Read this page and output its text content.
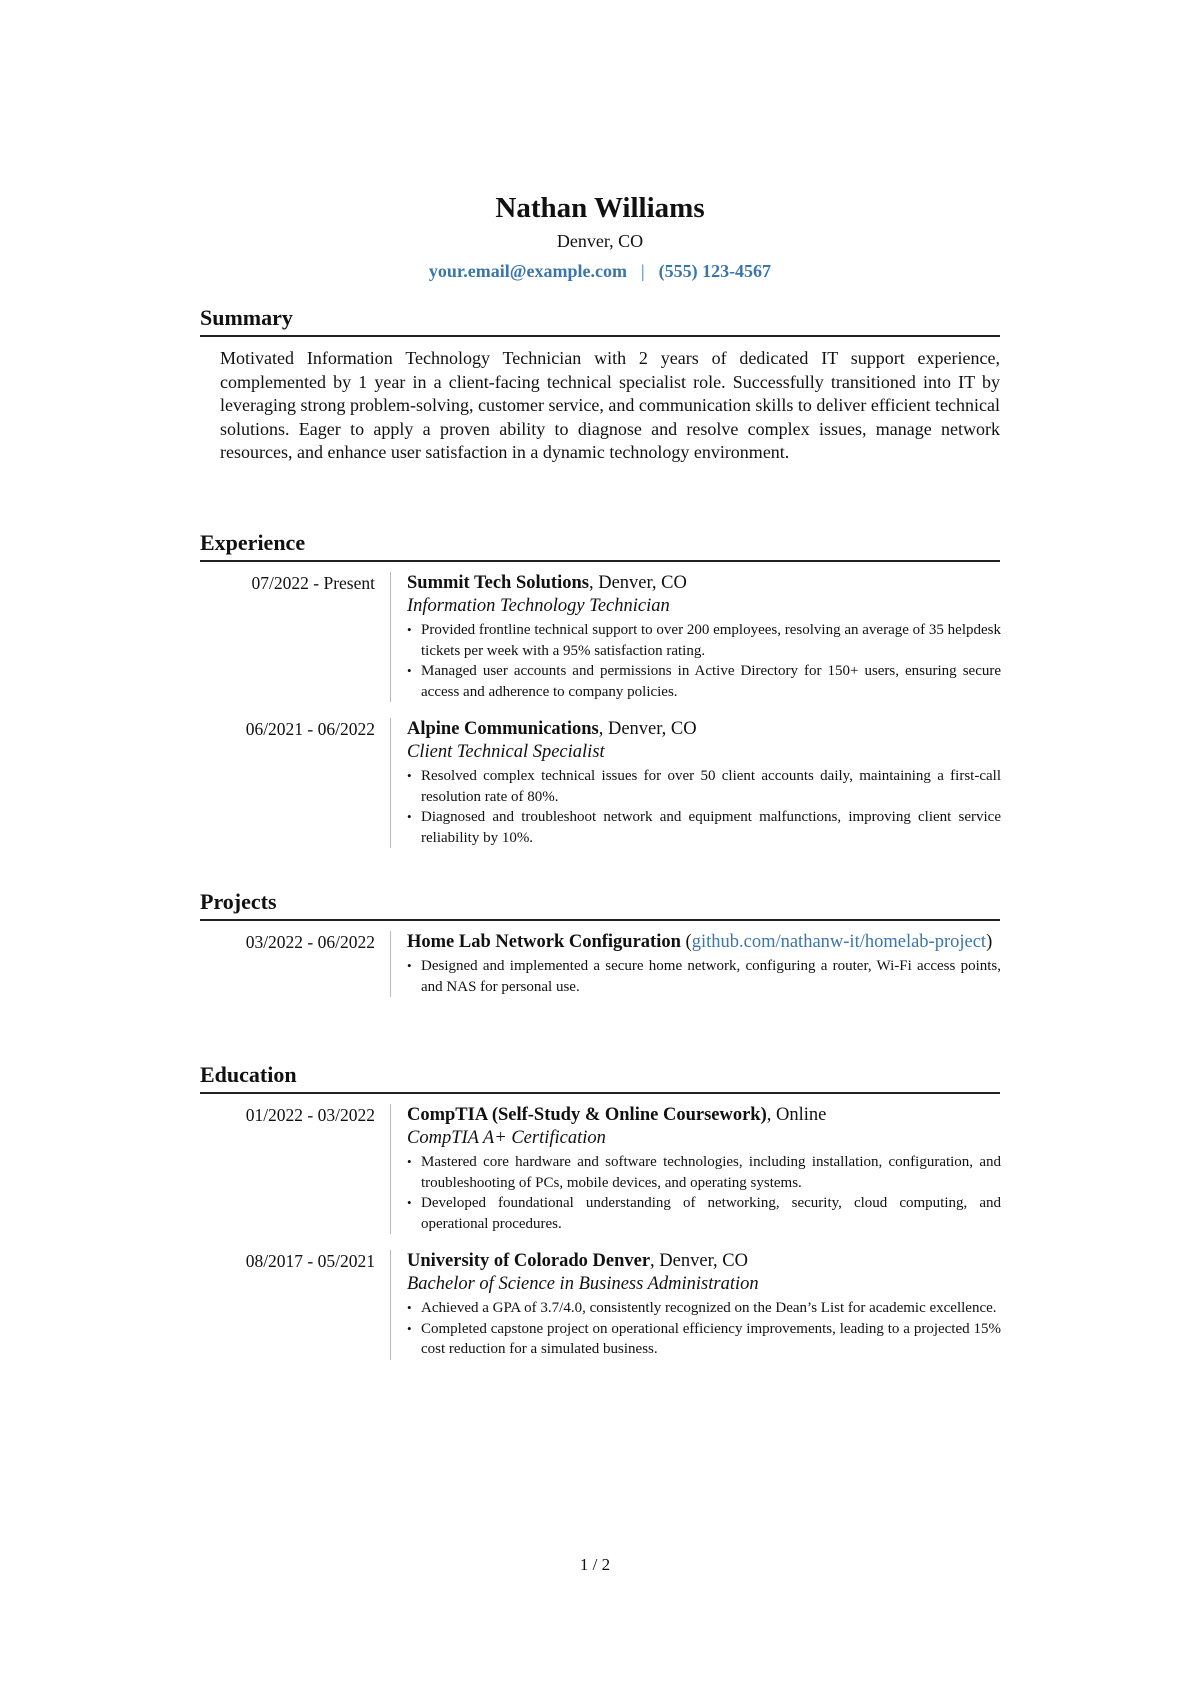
Nathan Williams
Denver, CO
your.email@example.com | (555) 123-4567
Summary

Motivated Information Technology Technician with 2 years of dedicated IT support experience, complemented by 1 year in a client-facing technical specialist role. Successfully transitioned into IT by leveraging strong problem-solving, customer service, and communication skills to deliver efficient technical solutions. Eager to apply a proven ability to diagnose and resolve complex issues, manage network resources, and enhance user satisfaction in a dynamic technology environment.

Experience
07/2022 - Present Summit Tech Solutions, Denver, CO
Information Technology Technician
• Provided frontline technical support to over 200 employees, resolving an average of 35 helpdesk tickets per week with a 95% satisfaction rating.
• Managed user accounts and permissions in Active Directory for 150+ users, ensuring secure access and adherence to company policies.
06/2021 - 06/2022 Alpine Communications, Denver, CO
Client Technical Specialist
• Resolved complex technical issues for over 50 client accounts daily, maintaining a first-call resolution rate of 80%.
• Diagnosed and troubleshoot network and equipment malfunctions, improving client service reliability by 10%.
Projects
03/2022 - 06/2022 Home Lab Network Configuration (github.com/nathanw-it/homelab-project)
• Designed and implemented a secure home network, configuring a router, Wi-Fi access points, and NAS for personal use.
Education
01/2022 - 03/2022 CompTIA (Self-Study & Online Coursework), Online
CompTIA A+ Certification
• Mastered core hardware and software technologies, including installation, configuration, and troubleshooting of PCs, mobile devices, and operating systems.
• Developed foundational understanding of networking, security, cloud computing, and operational procedures.
08/2017 - 05/2021 University of Colorado Denver, Denver, CO
Bachelor of Science in Business Administration
• Achieved a GPA of 3.7/4.0, consistently recognized on the Dean’s List for academic excellence.
• Completed capstone project on operational efficiency improvements, leading to a projected 15% cost reduction for a simulated business.
1 / 2
